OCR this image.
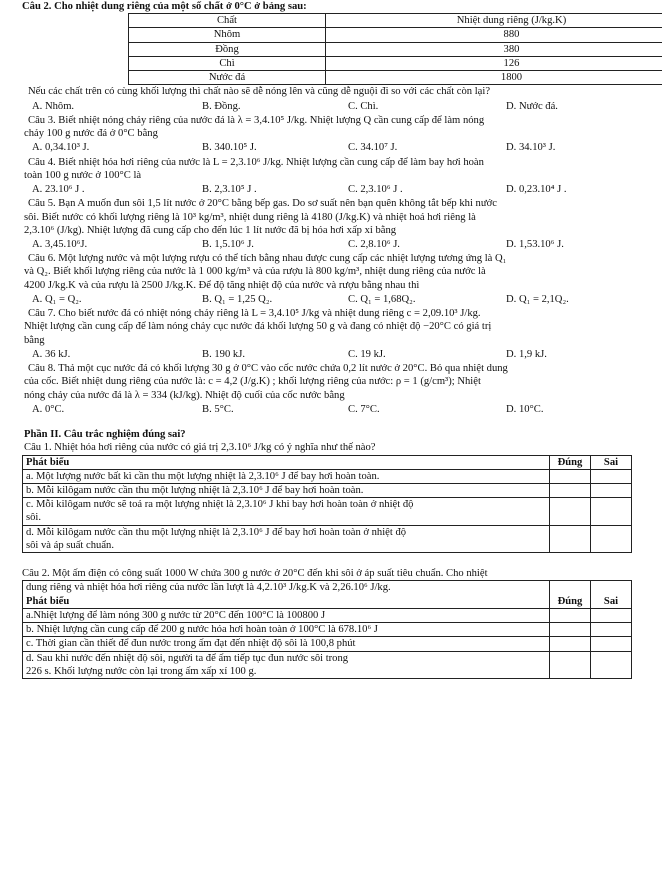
Câu 2. Cho nhiệt dung riêng của một số chất ở 0°C ở bảng sau:
Chất	Nhiệt dung riêng (J/kg.K)
Nhôm	880
Đồng	380
Chì	126
Nước đá	1800
Nếu các chất trên có cùng khối lượng thì chất nào sẽ dễ nóng lên và cũng dễ nguội đi so với các chất còn lại?
A. Nhôm.	B. Đồng.	C. Chì.	D. Nước đá.
Câu 3. Biết nhiệt nóng chảy riêng của nước đá là λ = 3,4.10⁵ J/kg. Nhiệt lượng Q cần cung cấp để làm nóng
chảy 100 g nước đá ở 0°C bằng
A. 0,34.10³ J.	B. 340.10⁵ J.	C. 34.10⁷ J.	D. 34.10³ J.
Câu 4. Biết nhiệt hóa hơi riêng của nước là L = 2,3.10⁶ J/kg. Nhiệt lượng cần cung cấp để làm bay hơi hoàn
toàn 100 g nước ở 100°C là
A. 23.10⁶ J .	B. 2,3.10⁵ J .	C. 2,3.10⁶ J .	D. 0,23.10⁴ J .
Câu 5. Bạn A muốn đun sôi 1,5 lít nước ở 20°C bằng bếp gas. Do sơ suất nên bạn quên không tắt bếp khi nước
sôi. Biết nước có khối lượng riêng là 10³ kg/m³, nhiệt dung riêng là 4180 (J/kg.K) và nhiệt hoá hơi riêng là
2,3.10⁶ (J/kg). Nhiệt lượng đã cung cấp cho đến lúc 1 lít nước đã bị hóa hơi xấp xỉ bằng
A. 3,45.10⁶J.	B. 1,5.10⁶ J.	C. 2,8.10⁶ J.	D. 1,53.10⁶ J.
Câu 6. Một lượng nước và một lượng rượu có thể tích bằng nhau được cung cấp các nhiệt lượng tương ứng là Q₁
và Q₂. Biết khối lượng riêng của nước là 1 000 kg/m³ và của rượu là 800 kg/m³, nhiệt dung riêng của nước là
4200 J/kg.K và của rượu là 2500 J/kg.K. Để độ tăng nhiệt độ của nước và rượu bằng nhau thì
A. Q₁ = Q₂.	B. Q₁ = 1,25 Q₂.	C. Q₁ = 1,68Q₂.	D. Q₁ = 2,1Q₂.
Câu 7. Cho biết nước đá có nhiệt nóng chảy riêng là L = 3,4.10⁵ J/kg và nhiệt dung riêng c = 2,09.10³ J/kg.
Nhiệt lượng cần cung cấp để làm nóng chảy cục nước đá khối lượng 50 g và đang có nhiệt độ −20°C có giá trị
bằng
A. 36 kJ.	B. 190 kJ.	C. 19 kJ.	D. 1,9 kJ.
Câu 8. Thả một cục nước đá có khối lượng 30 g ở 0°C vào cốc nước chứa 0,2 lít nước ở 20°C. Bỏ qua nhiệt dung
của cốc. Biết nhiệt dung riêng của nước là: c = 4,2 (J/g.K) ; khối lượng riêng của nước: ρ = 1 (g/cm³); Nhiệt
nóng chảy của nước đá là λ = 334 (kJ/kg). Nhiệt độ cuối của cốc nước bằng
A. 0°C.	B. 5°C.	C. 7°C.	D. 10°C.
Phần II. Câu trắc nghiệm đúng sai?
Câu 1. Nhiệt hóa hơi riêng của nước có giá trị 2,3.10⁶ J/kg có ý nghĩa như thế nào?
Phát biểu	Đúng	Sai
a. Một lượng nước bất kì cần thu một lượng nhiệt là 2,3.10⁶ J để bay hơi hoàn toàn.		
b. Mỗi kilôgam nước cần thu một lượng nhiệt là 2,3.10⁶ J để bay hơi hoàn toàn.		

c. Mỗi kilôgam nước sẽ toả ra một lượng nhiệt là 2,3.10⁶ J khi bay hơi hoàn toàn ở nhiệt độ
sôi.		

d. Mỗi kilôgam nước cần thu một lượng nhiệt là 2,3.10⁶ J để bay hơi hoàn toàn ở nhiệt độ
sôi và áp suất chuẩn.		

Câu 2. Một ấm điện có công suất 1000 W chứa 300 g nước ở 20°C đến khi sôi ở áp suất tiêu chuẩn. Cho nhiệt
dung riêng và nhiệt hóa hơi riêng của nước lần lượt là 4,2.10³ J/kg.K và 2,26.10⁶ J/kg.
Phát biểu	Đúng	Sai
a.Nhiệt lượng để làm nóng 300 g nước từ 20°C đến 100°C là 100800 J		
b. Nhiệt lượng cần cung cấp để 200 g nước hóa hơi hoàn toàn ở 100°C là 678.10⁶ J		
c. Thời gian cần thiết để đun nước trong ấm đạt đến nhiệt độ sôi là 100,8 phút		

d. Sau khi nước đến nhiệt độ sôi, người ta để ấm tiếp tục đun nước sôi trong
226 s. Khối lượng nước còn lại trong ấm xấp xỉ 100 g.		
